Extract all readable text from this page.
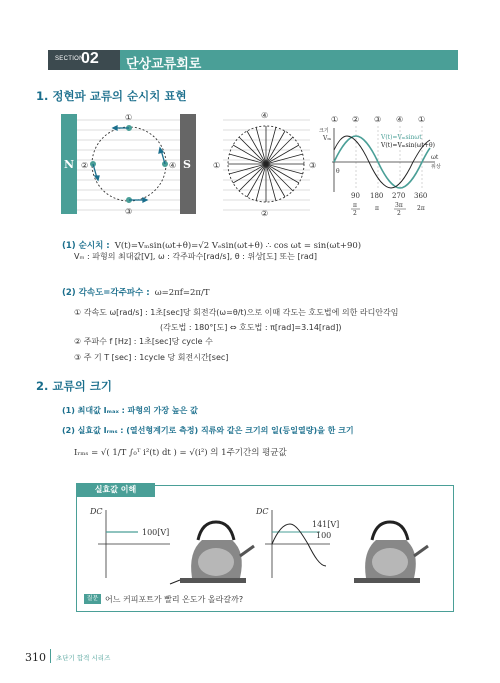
SECTION
02 단상교류회로
1. 정현파 교류의 순시치 표현
N	S
①
②
③
④
④
①
②
③
크기
Vₘ
θ
V(t)=Vₘsinωt
V(t)=Vₘsin(ωt+θ)
ωt
위상
① ② ③ ④ ①
90 180 270 360
π
2
π	3π
2
2π
(1) 순시치 : V(t)=Vₘsin(ωt+θ)=√2 Vₑsin(ωt+θ) ∴ cos ωt = sin(ωt+90)
Vₘ : 파형의 최대값[V], ω : 각주파수[rad/s], θ : 위상[도] 또는 [rad]
(2) 각속도=각주파수 : ω=2πf=2π/T
① 각속도 ω[rad/s] : 1초[sec]당 회전각(ω=θ/t)으로 이때 각도는 호도법에 의한 라디안각임
(각도법 : 180°[도] ⇔ 호도법 : π[rad]=3.14[rad])
② 주파수 f [Hz] : 1초[sec]당 cycle 수
③ 주 기 T [sec] : 1cycle 당 회전시간[sec]
2. 교류의 크기
(1) 최대값 Iₘₐₓ : 파형의 가장 높은 값
(2) 실효값 Iᵣₘₛ : (열선형계기로 측정) 직류와 같은 크기의 일(등일열량)을 한 크기
Iᵣₘₛ = √( 1/T ∫₀ᵀ i²(t) dt ) = √(i²) 의 1주기간의 평균값
실효값 이해
DC
100[V]
DC
141[V]
100
질문 어느 커피포트가 빨리 온도가 올라갈까?
310 초단기 합격 시리즈
